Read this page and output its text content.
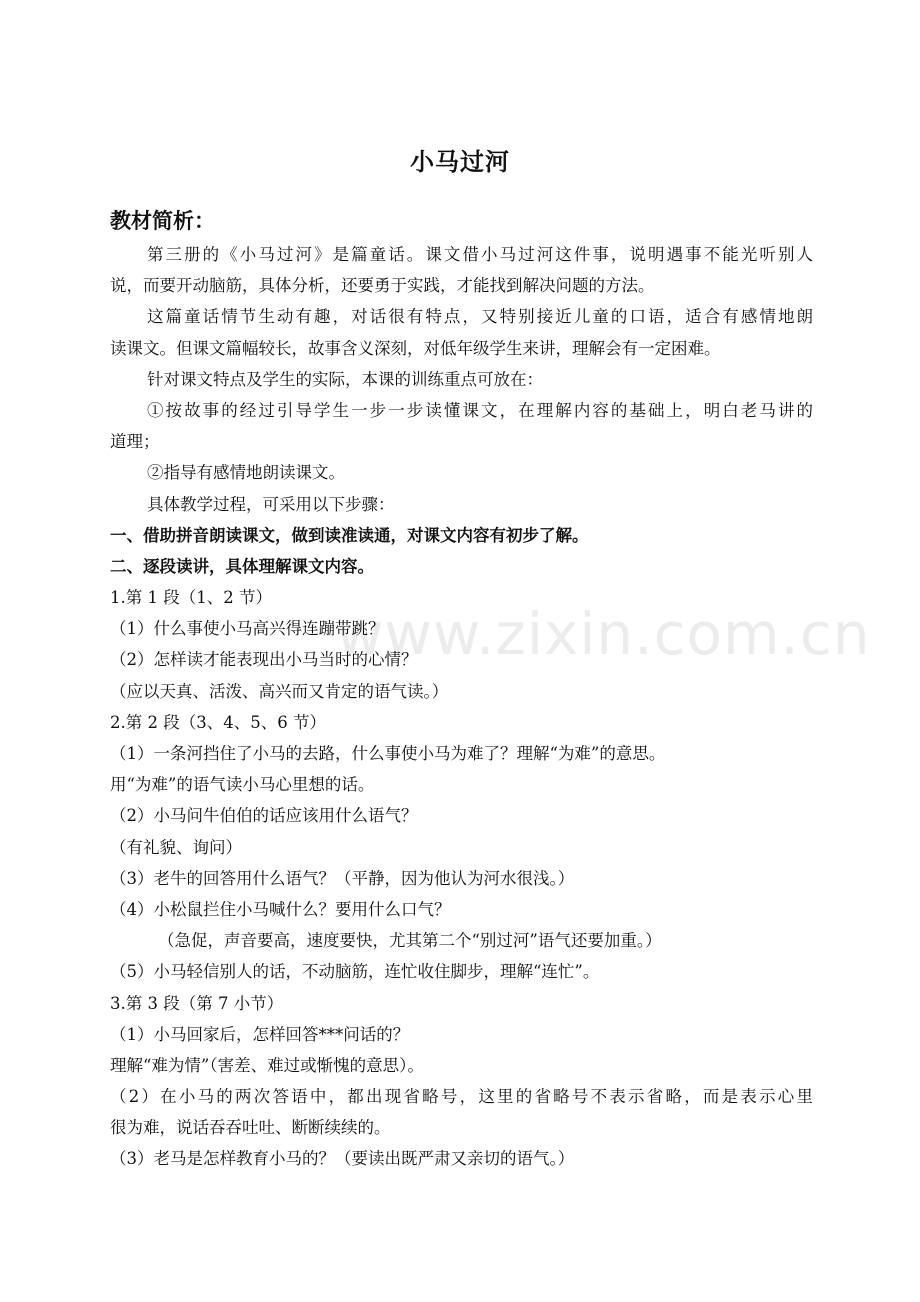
www.zixin.com.cn
小马过河
教材简析：
第三册的《小马过河》是篇童话。课文借小马过河这件事，说明遇事不能光听别人
说，而要开动脑筋，具体分析，还要勇于实践，才能找到解决问题的方法。
这篇童话情节生动有趣，对话很有特点，又特别接近儿童的口语，适合有感情地朗
读课文。但课文篇幅较长，故事含义深刻，对低年级学生来讲，理解会有一定困难。
针对课文特点及学生的实际，本课的训练重点可放在：
①按故事的经过引导学生一步一步读懂课文，在理解内容的基础上，明白老马讲的
道理；
②指导有感情地朗读课文。
具体教学过程，可采用以下步骤：
一、借助拼音朗读课文，做到读准读通，对课文内容有初步了解。
二、逐段读讲，具体理解课文内容。
1.第 1 段（1、2 节）
（1）什么事使小马高兴得连蹦带跳？
（2）怎样读才能表现出小马当时的心情？
（应以天真、活泼、高兴而又肯定的语气读。）
2.第 2 段（3、4、5、6 节）
（1）一条河挡住了小马的去路，什么事使小马为难了？理解“为难”的意思。
用“为难”的语气读小马心里想的话。
（2）小马问牛伯伯的话应该用什么语气？
（有礼貌、询问）
（3）老牛的回答用什么语气？（平静，因为他认为河水很浅。）
（4）小松鼠拦住小马喊什么？要用什么口气？
（急促，声音要高，速度要快，尤其第二个“别过河”语气还要加重。）
（5）小马轻信别人的话，不动脑筋，连忙收住脚步，理解“连忙”。
3.第 3 段（第 7 小节）
（1）小马回家后，怎样回答***问话的？
理解“难为情”（害差、难过或惭愧的意思）。
（2）在小马的两次答语中，都出现省略号，这里的省略号不表示省略，而是表示心里
很为难，说话吞吞吐吐、断断续续的。
（3）老马是怎样教育小马的？（要读出既严肃又亲切的语气。）
